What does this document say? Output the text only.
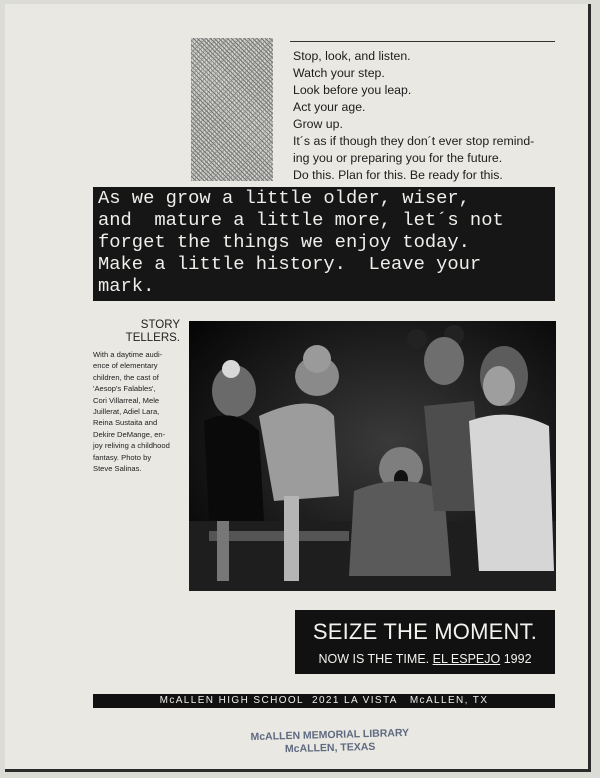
Stop, look, and listen.
Watch your step.
Look before you leap.
Act your age.
Grow up.
It´s as if though they don´t ever stop remind-
ing you or preparing you for the future.
Do this. Plan for this. Be ready for this.
As we grow a little older, wiser,
and  mature a little more, let´s not
forget the things we enjoy today.
Make a little history.  Leave your
mark.
STORY
TELLERS.
With a daytime audi-
ence of elementary
children, the cast of
'Aesop's Falables',
Cori Villarreal, Mele
Juillerat, Adiel Lara,
Reina Sustaita and
Dekire DeMange, en-
joy reliving a childhood
fantasy. Photo by
Steve Salinas.
SEIZE THE MOMENT.
NOW IS THE TIME. EL ESPEJO 1992
McALLEN HIGH SCHOOL  2021 LA VISTA   McALLEN, TX
McALLEN MEMORIAL LIBRARY
McALLEN, TEXAS
